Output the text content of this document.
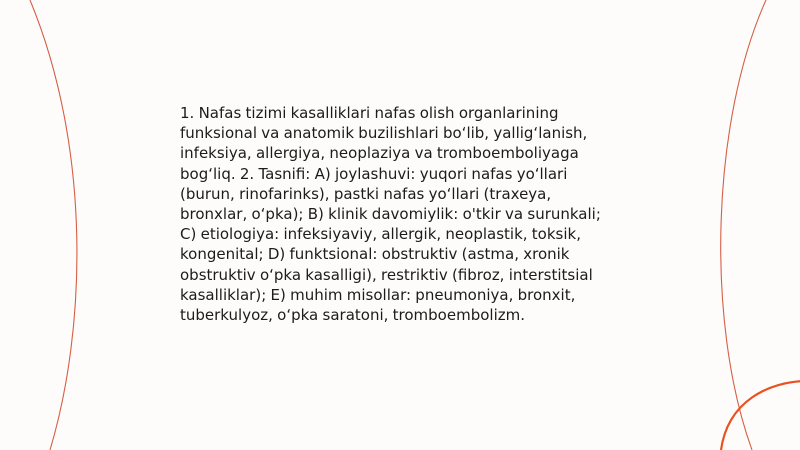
1. Nafas tizimi kasalliklari nafas olish organlarining funksional va anatomik buzilishlari bo‘lib, yallig‘lanish, infeksiya, allergiya, neoplaziya va tromboemboliyaga bog‘liq. 2. Tasnifi: A) joylashuvi: yuqori nafas yo‘llari (burun, rinofarinks), pastki nafas yo‘llari (traxeya, bronxlar, o‘pka); B) klinik davomiylik: o'tkir va surunkali; C) etiologiya: infeksiyaviy, allergik, neoplastik, toksik, kongenital; D) funktsional: obstruktiv (astma, xronik obstruktiv o‘pka kasalligi), restriktiv (fibroz, interstitsial kasalliklar); E) muhim misollar: pneumoniya, bronxit, tuberkulyoz, o‘pka saratoni, tromboembolizm.
